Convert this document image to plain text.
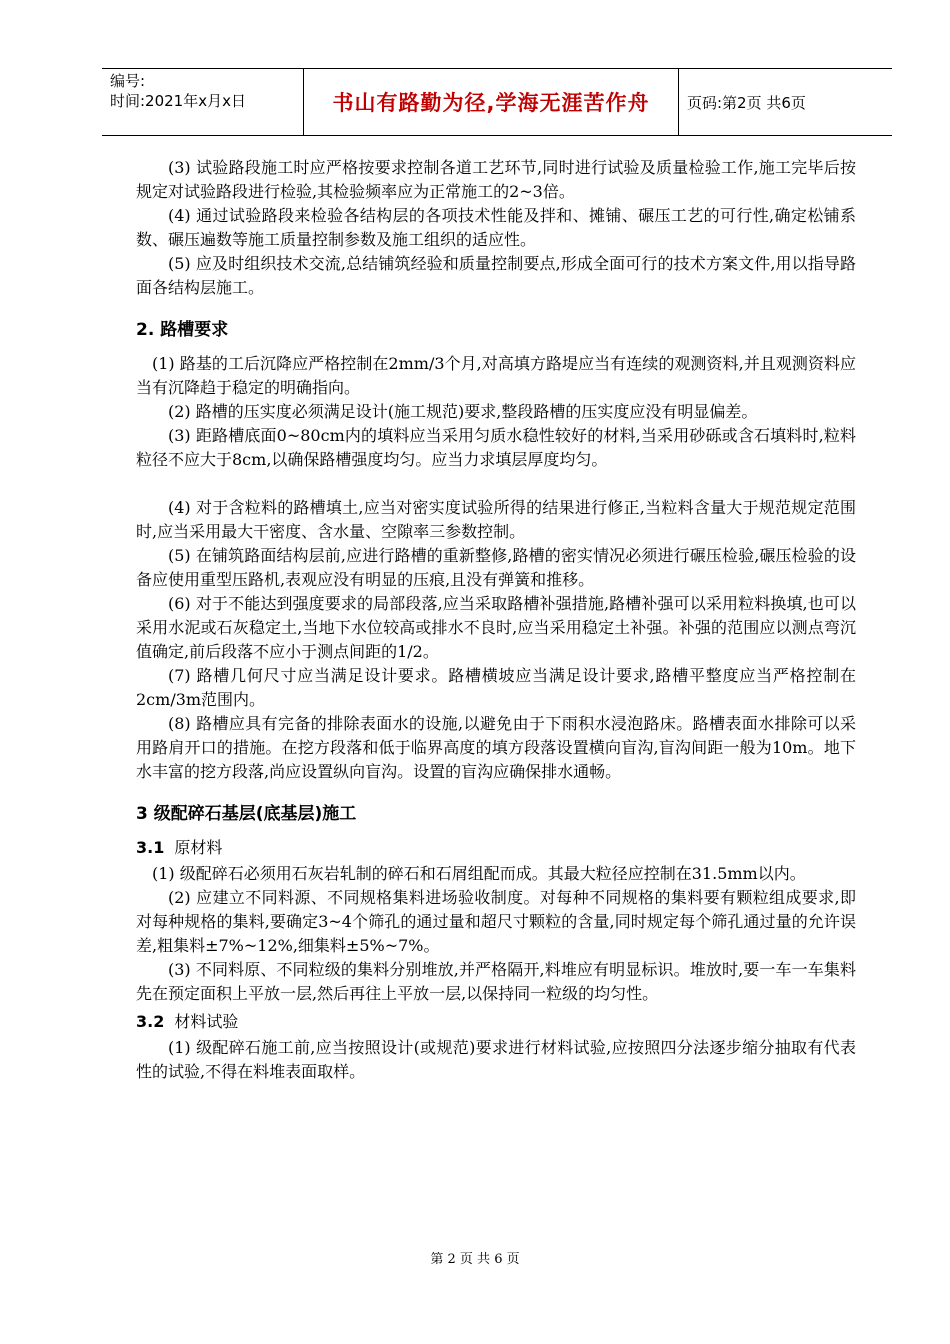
编号:
时间:2021年x月x日	书山有路勤为径,学海无涯苦作舟	页码:第2页 共6页

(3) 试验路段施工时应严格按要求控制各道工艺环节,同时进行试验及质量检验工作,施工完毕后按规定对试验路段进行检验,其检验频率应为正常施工的2~3倍。

(4) 通过试验路段来检验各结构层的各项技术性能及拌和、摊铺、碾压工艺的可行性,确定松铺系数、碾压遍数等施工质量控制参数及施工组织的适应性。

(5) 应及时组织技术交流,总结铺筑经验和质量控制要点,形成全面可行的技术方案文件,用以指导路面各结构层施工。

2. 路槽要求

(1) 路基的工后沉降应严格控制在2mm/3个月,对高填方路堤应当有连续的观测资料,并且观测资料应当有沉降趋于稳定的明确指向。

(2) 路槽的压实度必须满足设计(施工规范)要求,整段路槽的压实度应没有明显偏差。

(3) 距路槽底面0~80cm内的填料应当采用匀质水稳性较好的材料,当采用砂砾或含石填料时,粒料粒径不应大于8cm,以确保路槽强度均匀。应当力求填层厚度均匀。

(4) 对于含粒料的路槽填土,应当对密实度试验所得的结果进行修正,当粒料含量大于规范规定范围时,应当采用最大干密度、含水量、空隙率三参数控制。

(5) 在铺筑路面结构层前,应进行路槽的重新整修,路槽的密实情况必须进行碾压检验,碾压检验的设备应使用重型压路机,表观应没有明显的压痕,且没有弹簧和推移。

(6) 对于不能达到强度要求的局部段落,应当采取路槽补强措施,路槽补强可以采用粒料换填,也可以采用水泥或石灰稳定土,当地下水位较高或排水不良时,应当采用稳定土补强。补强的范围应以测点弯沉值确定,前后段落不应小于测点间距的1/2。

(7) 路槽几何尺寸应当满足设计要求。路槽横坡应当满足设计要求,路槽平整度应当严格控制在2cm/3m范围内。

(8) 路槽应具有完备的排除表面水的设施,以避免由于下雨积水浸泡路床。路槽表面水排除可以采用路肩开口的措施。在挖方段落和低于临界高度的填方段落设置横向盲沟,盲沟间距一般为10m。地下水丰富的挖方段落,尚应设置纵向盲沟。设置的盲沟应确保排水通畅。

3 级配碎石基层(底基层)施工
3.1 原材料

(1) 级配碎石必须用石灰岩轧制的碎石和石屑组配而成。其最大粒径应控制在31.5mm以内。

(2) 应建立不同料源、不同规格集料进场验收制度。对每种不同规格的集料要有颗粒组成要求,即对每种规格的集料,要确定3~4个筛孔的通过量和超尺寸颗粒的含量,同时规定每个筛孔通过量的允许误差,粗集料±7%~12%,细集料±5%~7%。

(3) 不同料原、不同粒级的集料分别堆放,并严格隔开,料堆应有明显标识。堆放时,要一车一车集料先在预定面积上平放一层,然后再往上平放一层,以保持同一粒级的均匀性。

3.2 材料试验

(1) 级配碎石施工前,应当按照设计(或规范)要求进行材料试验,应按照四分法逐步缩分抽取有代表性的试验,不得在料堆表面取样。

第 2 页 共 6 页
